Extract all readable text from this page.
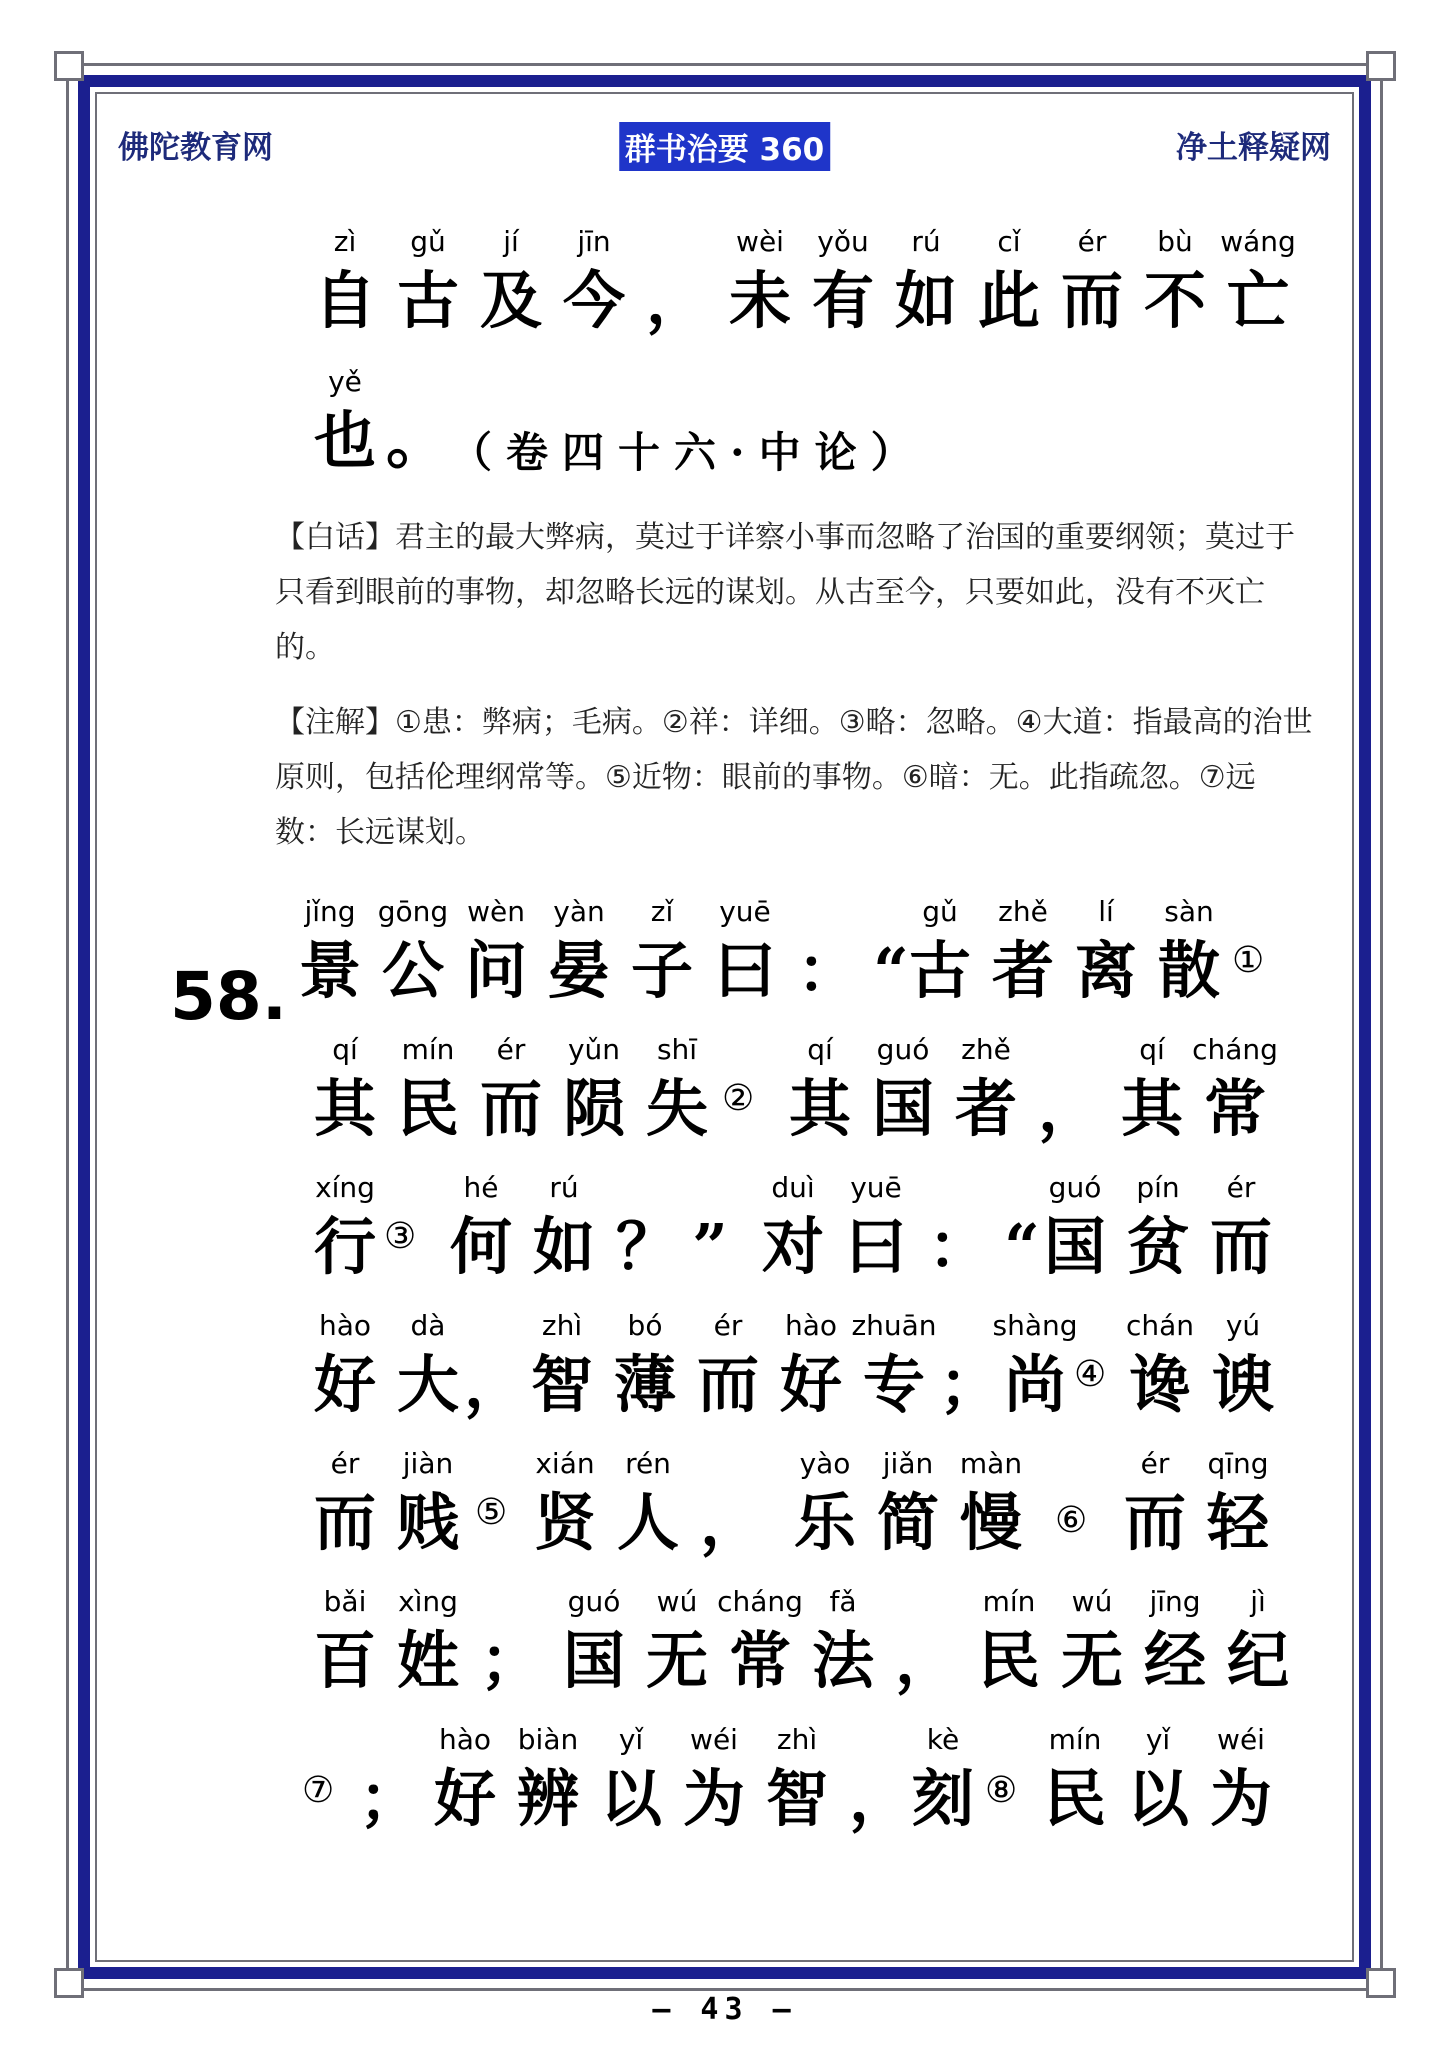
佛陀教育网	群书治要 360	净土释疑网
zì
自
gǔ
古
jí
及
jīn
今 ，
wèi
未
yǒu
有
rú
如
cǐ
此
ér
而
bù
不
wáng
亡
yě
也 。
jǐng
景
gōng
公
wèn
问
yàn
晏
zǐ
子
yuē
曰 ： “
gǔ
古
zhě
者
lí
离
sàn
散
qí
其
mín
民
ér
而
yǔn
陨
shī
失
qí
其
guó
国
zhě
者 ，
qí
其
cháng
常
xíng
行
hé
何
rú
如 ？ ”
duì
对
yuē
曰 ： “
guó
国
pín
贫
ér
而
hào
好
dà
大 ，
zhì
智
bó
薄
ér
而
hào
好
zhuān
专 ；
shàng
尚
chán
谗
yú
谀
ér
而
jiàn
贱
xián
贤
rén
人 ，
yào
乐
jiǎn
简
màn
慢
ér
而
qīng
轻
bǎi
百
xìng
姓 ；
guó
国
wú
无
cháng
常
fǎ
法 ，
mín
民
wú
无
jīng
经
jì
纪
；
hào
好
biàn
辨
yǐ
以
wéi
为
zhì
智 ，
kè
刻
mín
民
yǐ
以
wéi
为
（卷四十六·中论）
【白话】君主的最大弊病，莫过于详察小事而忽略了治国的重要纲领；莫过于只看到眼前的事物，却忽略长远的谋划。从古至今，只要如此，没有不灭亡的。
【注解】①患：弊病；毛病。②祥：详细。③略：忽略。④大道：指最高的治世原则，包括伦理纲常等。⑤近物：眼前的事物。⑥暗：无。此指疏忽。⑦远数：长远谋划。
58.	①
②
③
④
⑤	⑥
⑦	⑧
– 43 –
